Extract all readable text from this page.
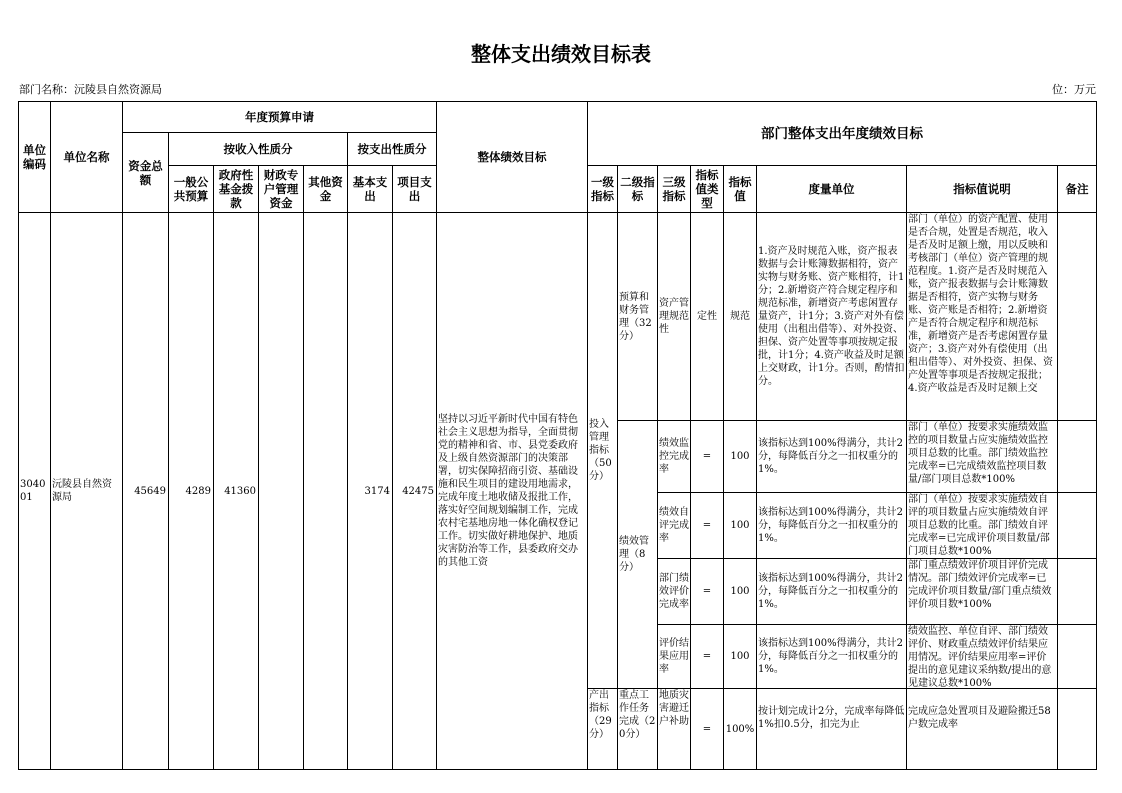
整体支出绩效目标表
部门名称：沅陵县自然资源局	位：万元
单位编码	单位名称	年度预算申请							整体绩效目标	部门整体支出年度绩效目标							
		资金总额	按收入性质分				按支出性质分										
			一般公共预算	政府性基金拨款	财政专户管理资金	其他资金	基本支出	项目支出		一级指标	二级指标	三级指标	指标值类型	指标值	度量单位	指标值说明	备注
304001	沅陵县自然资源局	45649	4289	41360			3174	42475	坚持以习近平新时代中国有特色社会主义思想为指导，全面贯彻党的精神和省、市、县党委政府及上级自然资源部门的决策部署，切实保障招商引资、基础设施和民生项目的建设用地需求，完成年度土地收储及报批工作，落实好空间规划编制工作，完成农村宅基地房地一体化确权登记工作。切实做好耕地保护、地质灾害防治等工作，县委政府交办的其他工资	投入管理指标（50分）	预算和财务管理（32分）	资产管理规范性	定性	规范	1.资产及时规范入账，资产报表数据与会计账簿数据相符，资产实物与财务账、资产账相符，计1分；2.新增资产符合规定程序和规范标准，新增资产考虑闲置存量资产，计1分；3.资产对外有偿使用（出租出借等）、对外投资、担保、资产处置等事项按规定报批，计1分；4.资产收益及时足额上交财政，计1分。否则，酌情扣分。	部门（单位）的资产配置、使用是否合规，处置是否规范，收入是否及时足额上缴，用以反映和考核部门（单位）资产管理的规范程度。1.资产是否及时规范入账，资产报表数据与会计账簿数据是否相符，资产实物与财务账、资产账是否相符；2.新增资产是否符合规定程序和规范标准，新增资产是否考虑闲置存量资产；3.资产对外有偿使用（出租出借等）、对外投资、担保、资产处置等事项是否按规定报批；4.资产收益是否及时足额上交	

											绩效管理（8分）	绩效监控完成率	=	100	该指标达到100%得满分，共计2分，每降低百分之一扣权重分的1%。	部门（单位）按要求实施绩效监控的项目数量占应实施绩效监控项目总数的比重。部门绩效监控完成率=已完成绩效监控项目数量/部门项目总数*100%	

												绩效自评完成率	=	100	该指标达到100%得满分，共计2分，每降低百分之一扣权重分的1%。	部门（单位）按要求实施绩效自评的项目数量占应实施绩效自评项目总数的比重。部门绩效自评完成率=已完成评价项目数量/部门项目总数*100%	

												部门绩效评价完成率	=	100	该指标达到100%得满分，共计2分，每降低百分之一扣权重分的1%。	部门重点绩效评价项目评价完成情况。部门绩效评价完成率=已完成评价项目数量/部门重点绩效评价项目数*100%	

												评价结果应用率	=	100	该指标达到100%得满分，共计2分，每降低百分之一扣权重分的1%。	绩效监控、单位自评、部门绩效评价、财政重点绩效评价结果应用情况。评价结果应用率=评价提出的意见建议采纳数/提出的意见建议总数*100%	

										产出指标（29分）	重点工作任务完成（20分）	地质灾害避迁户补助	=	100%	按计划完成计2分，完成率每降低1%扣0.5分，扣完为止	完成应急处置项目及避险搬迁58户数完成率	
